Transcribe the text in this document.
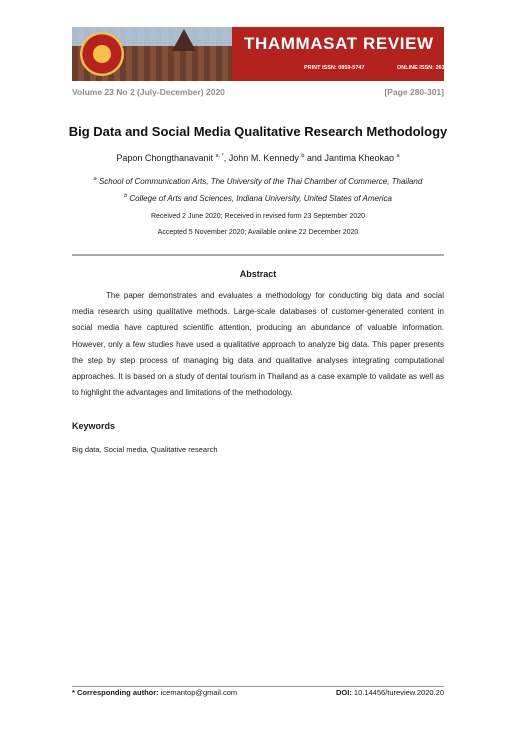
THAMMASAT REVIEW
PRINT ISSN: 0859-5747	ONLINE ISSN: 2630-0303
Volume 23 No 2 (July-December) 2020	[Page 280-301]
Big Data and Social Media Qualitative Research Methodology
Papon Chongthanavanit $^{a, *}$, John M. Kennedy $^b$ and Jantima Kheokao $^a$
$^a$ School of Communication Arts, The University of the Thai Chamber of Commerce, Thailand
$^b$ College of Arts and Sciences, Indiana University, United States of America
Received 2 June 2020; Received in revised form 23 September 2020
Accepted 5 November 2020; Available online 22 December 2020
Abstract
The paper demonstrates and evaluates a methodology for conducting big data and social media research using qualitative methods. Large-scale databases of customer-generated content in social media have captured scientific attention, producing an abundance of valuable information. However, only a few studies have used a qualitative approach to analyze big data. This paper presents the step by step process of managing big data and qualitative analyses integrating computational approaches. It is based on a study of dental tourism in Thailand as a case example to validate as well as to highlight the advantages and limitations of the methodology.
Keywords
Big data, Social media, Qualitative research
* Corresponding author: icemantop@gmail.com	DOI: 10.14456/tureview.2020.20
